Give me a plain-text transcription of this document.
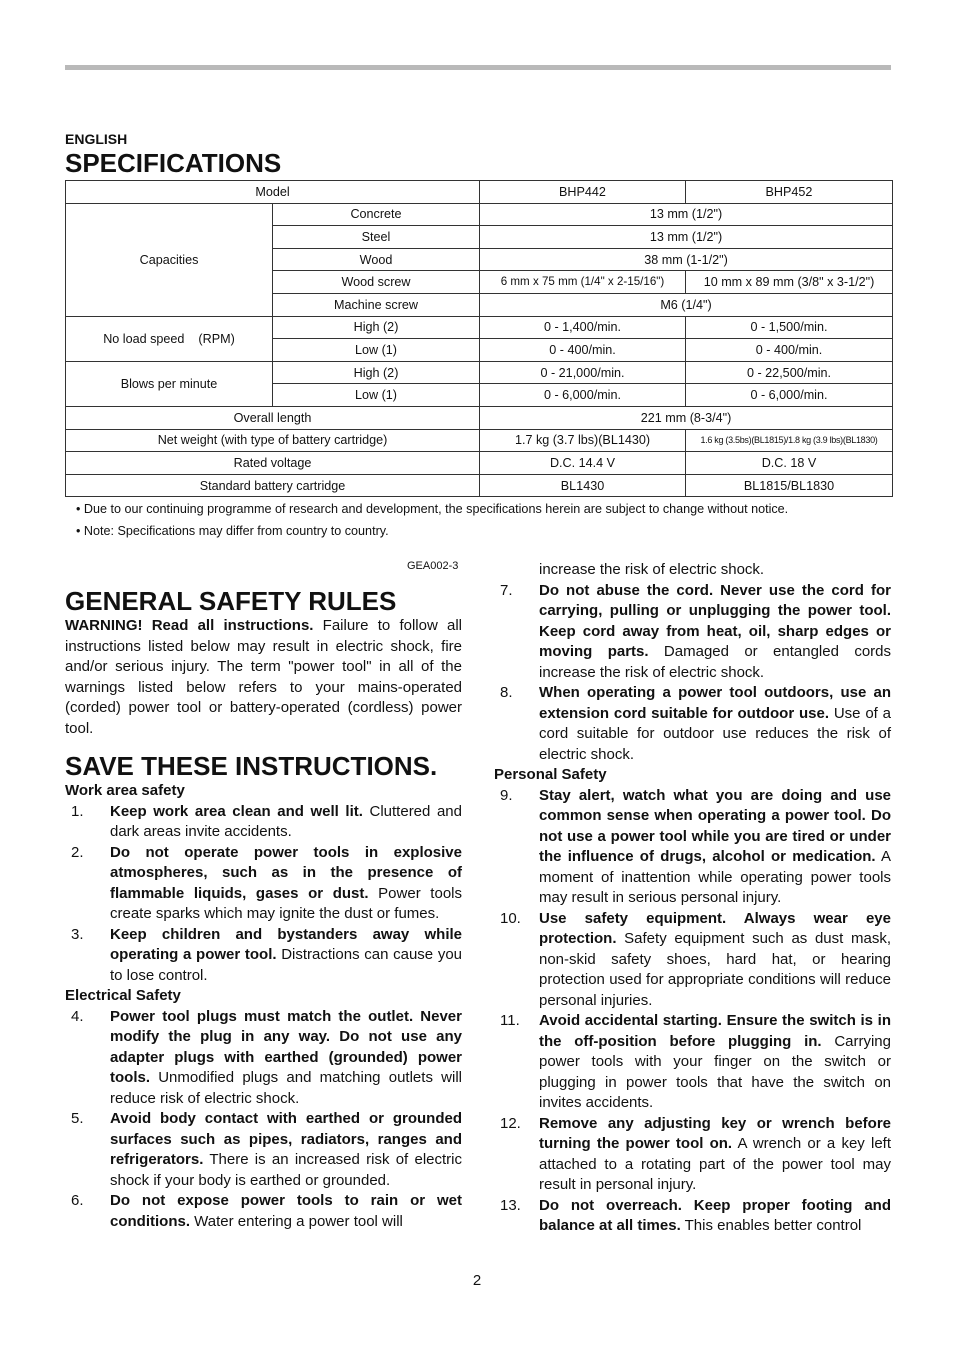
ENGLISH
SPECIFICATIONS
Model		BHP442	BHP452
Capacities	Concrete	13 mm (1/2")	
	Steel	13 mm (1/2")	
	Wood	38 mm (1-1/2")	
	Wood screw	6 mm x 75 mm (1/4" x 2-15/16")	10 mm x 89 mm (3/8" x 3-1/2")
	Machine screw	M6 (1/4")	
No load speed    (RPM)	High (2)	0 - 1,400/min.	0 - 1,500/min.
	Low (1)	0 - 400/min.	0 - 400/min.
Blows per minute	High (2)	0 - 21,000/min.	0 - 22,500/min.
	Low (1)	0 - 6,000/min.	0 - 6,000/min.
Overall length		221 mm (8-3/4")	
Net weight (with type of battery cartridge)		1.7 kg (3.7 lbs)(BL1430)	1.6 kg (3.5bs)(BL1815)/1.8 kg (3.9 lbs)(BL1830)
Rated voltage		D.C. 14.4 V	D.C. 18 V
Standard battery cartridge		BL1430	BL1815/BL1830
• Due to our continuing programme of research and development, the specifications herein are subject to change without notice.
• Note: Specifications may differ from country to country.
GEA002-3
GENERAL SAFETY RULES

WARNING! Read all instructions. Failure to follow all instructions listed below may result in electric shock, fire and/or serious injury. The term "power tool" in all of the warnings listed below refers to your mains-operated (corded) power tool or battery-operated (cordless) power tool.

SAVE THESE INSTRUCTIONS.

Work area safety

1.	Keep work area clean and well lit. Cluttered and dark areas invite accidents.
2.	Do not operate power tools in explosive atmospheres, such as in the presence of flammable liquids, gases or dust. Power tools create sparks which may ignite the dust or fumes.
3.	Keep children and bystanders away while operating a power tool. Distractions can cause you to lose control.

Electrical Safety

4.	Power tool plugs must match the outlet. Never modify the plug in any way. Do not use any adapter plugs with earthed (grounded) power tools. Unmodified plugs and matching outlets will reduce risk of electric shock.
5.	Avoid body contact with earthed or grounded surfaces such as pipes, radiators, ranges and refrigerators. There is an increased risk of electric shock if your body is earthed or grounded.
6.	Do not expose power tools to rain or wet conditions. Water entering a power tool will
increase the risk of electric shock.
7.	Do not abuse the cord. Never use the cord for carrying, pulling or unplugging the power tool. Keep cord away from heat, oil, sharp edges or moving parts. Damaged or entangled cords increase the risk of electric shock.
8.	When operating a power tool outdoors, use an extension cord suitable for outdoor use. Use of a cord suitable for outdoor use reduces the risk of electric shock.

Personal Safety

9.	Stay alert, watch what you are doing and use common sense when operating a power tool. Do not use a power tool while you are tired or under the influence of drugs, alcohol or medication. A moment of inattention while operating power tools may result in serious personal injury.
10.	Use safety equipment. Always wear eye protection. Safety equipment such as dust mask, non-skid safety shoes, hard hat, or hearing protection used for appropriate conditions will reduce personal injuries.
11.	Avoid accidental starting. Ensure the switch is in the off-position before plugging in. Carrying power tools with your finger on the switch or plugging in power tools that have the switch on invites accidents.
12.	Remove any adjusting key or wrench before turning the power tool on. A wrench or a key left attached to a rotating part of the power tool may result in personal injury.
13.	Do not overreach. Keep proper footing and balance at all times. This enables better control
2
